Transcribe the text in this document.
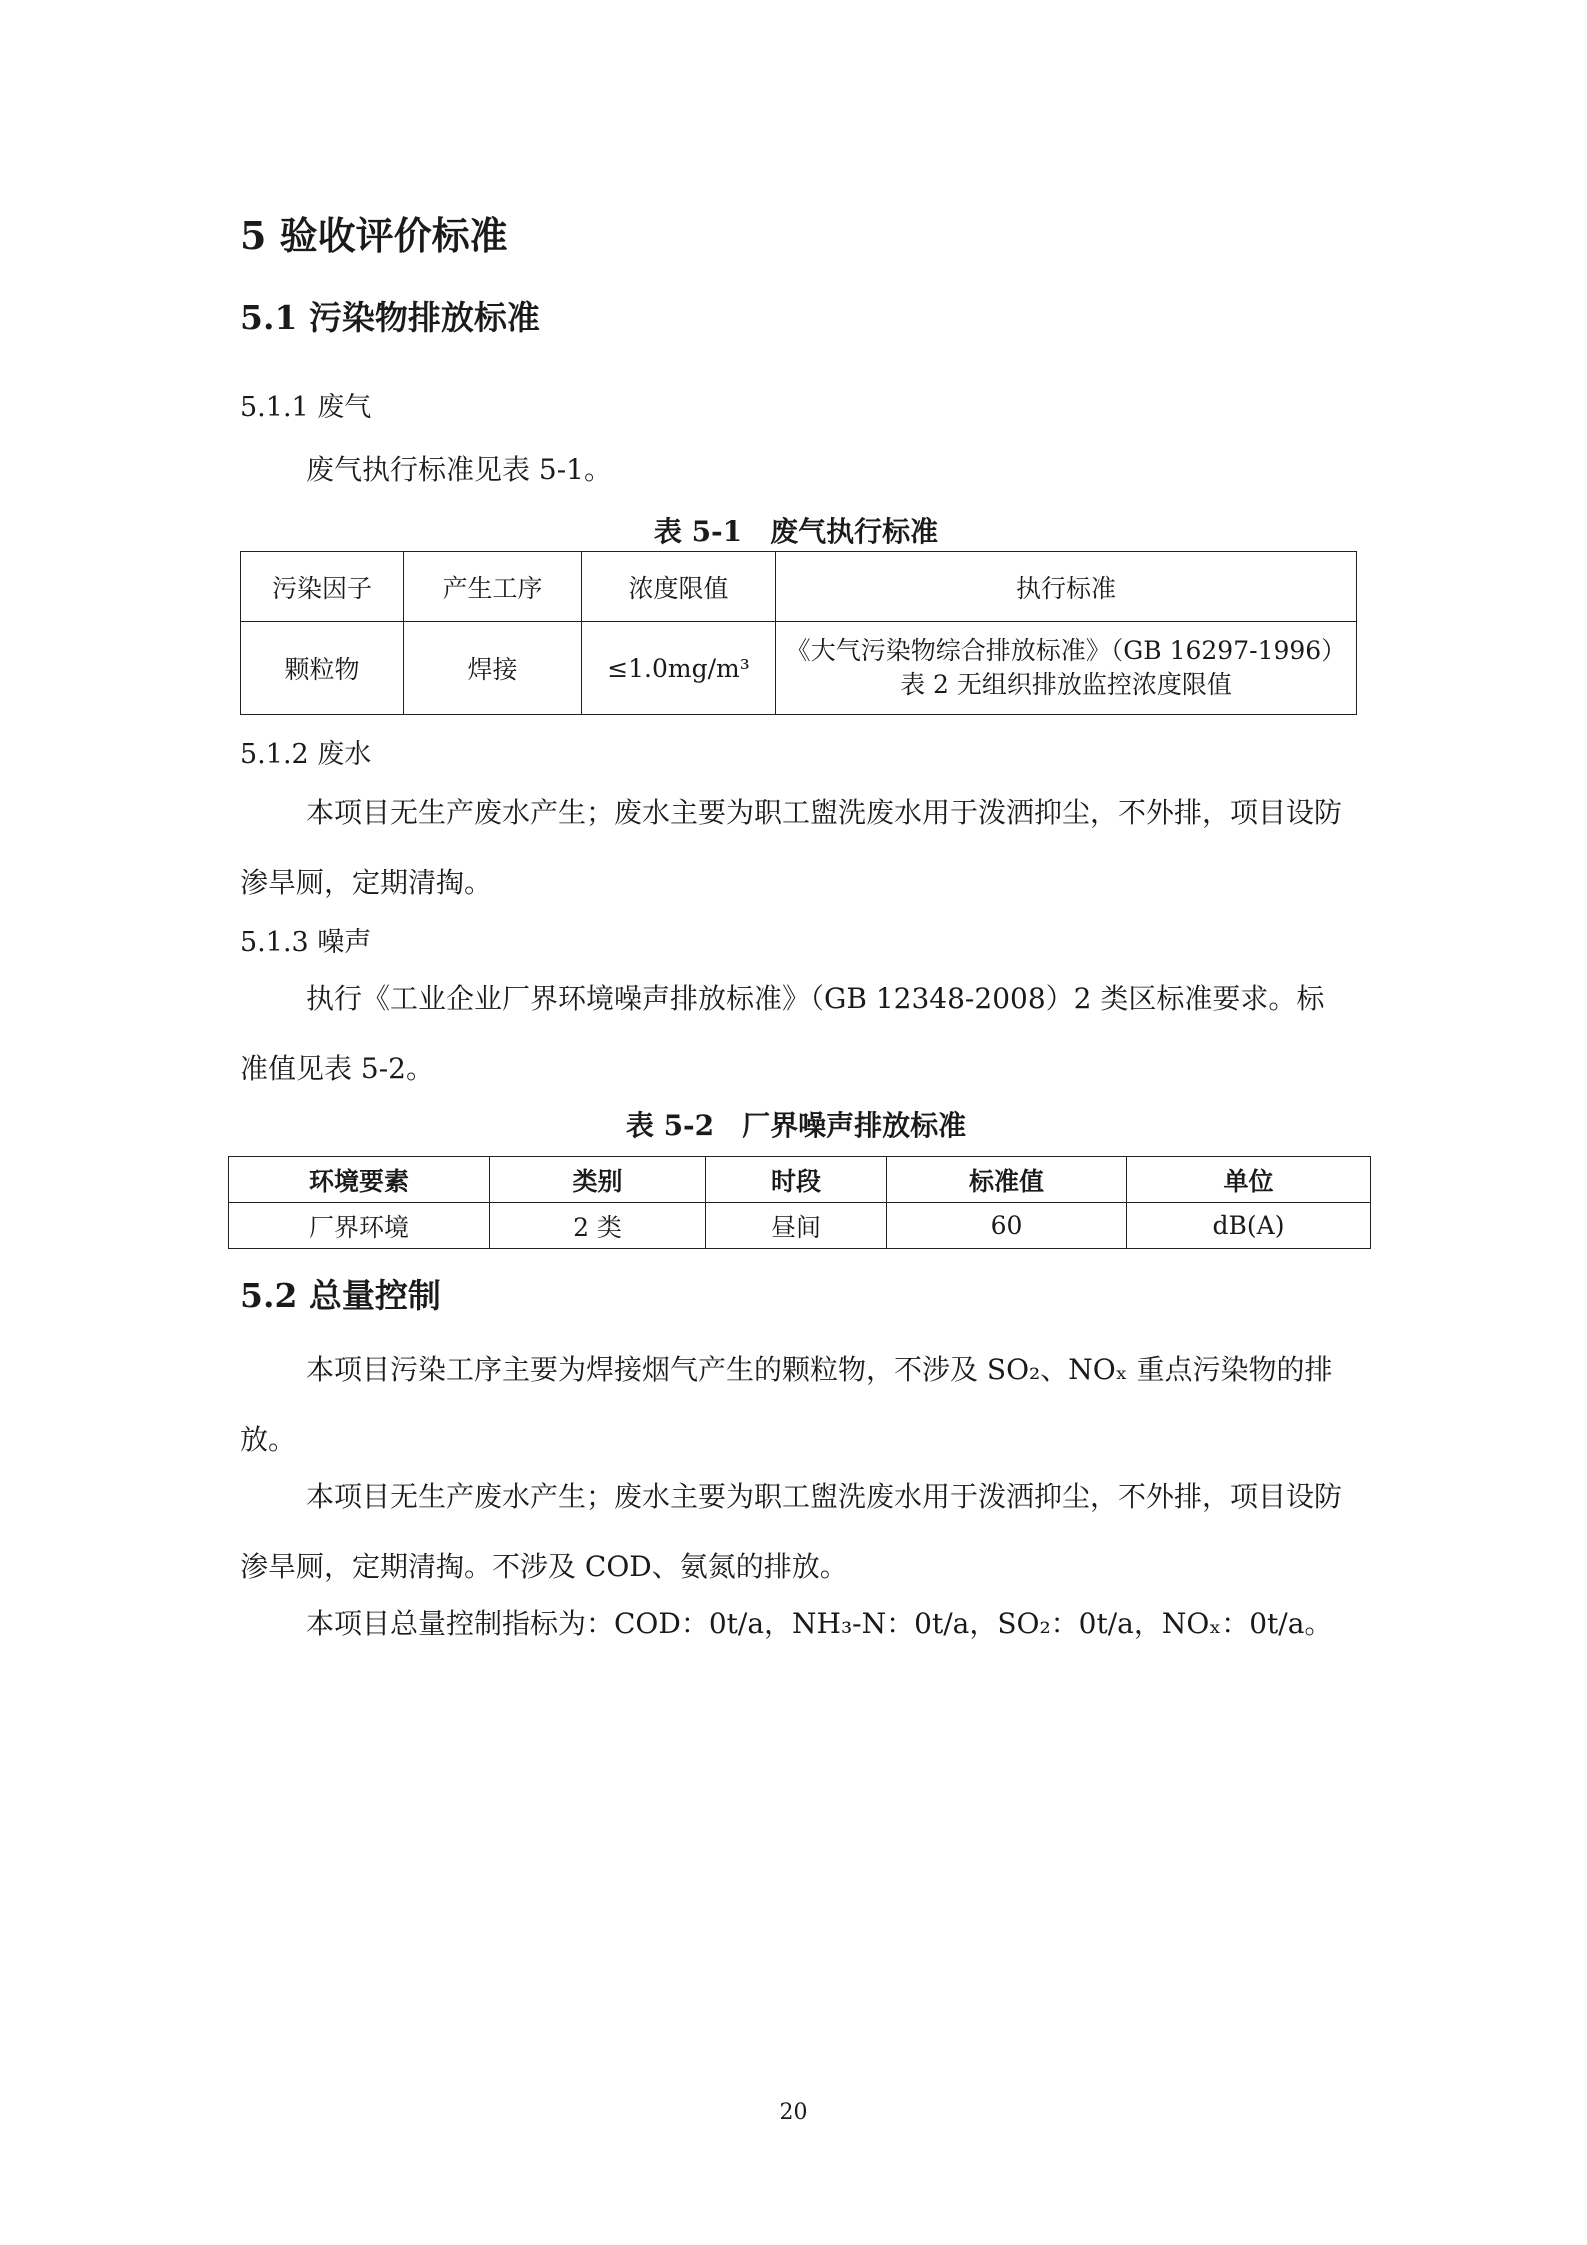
5 验收评价标准
5.1 污染物排放标准
5.1.1 废气
废气执行标准见表 5-1。
表 5-1　废气执行标准
污染因子	产生工序	浓度限值	执行标准
颗粒物	焊接	≤1.0mg/m³	《大气污染物综合排放标准》（GB 16297-1996）
表 2 无组织排放监控浓度限值
5.1.2 废水
本项目无生产废水产生；废水主要为职工盥洗废水用于泼洒抑尘，不外排，项目设防渗旱厕，定期清掏。
5.1.3 噪声
执行《工业企业厂界环境噪声排放标准》（GB 12348-2008）2 类区标准要求。标准值见表 5-2。
表 5-2　厂界噪声排放标准
环境要素	类别	时段	标准值	单位
厂界环境	2 类	昼间	60	dB(A)
5.2 总量控制
本项目污染工序主要为焊接烟气产生的颗粒物，不涉及 SO₂、NOₓ 重点污染物的排放。
本项目无生产废水产生；废水主要为职工盥洗废水用于泼洒抑尘，不外排，项目设防渗旱厕，定期清掏。不涉及 COD、氨氮的排放。
本项目总量控制指标为：COD：0t/a，NH₃-N：0t/a，SO₂：0t/a，NOₓ：0t/a。
20
